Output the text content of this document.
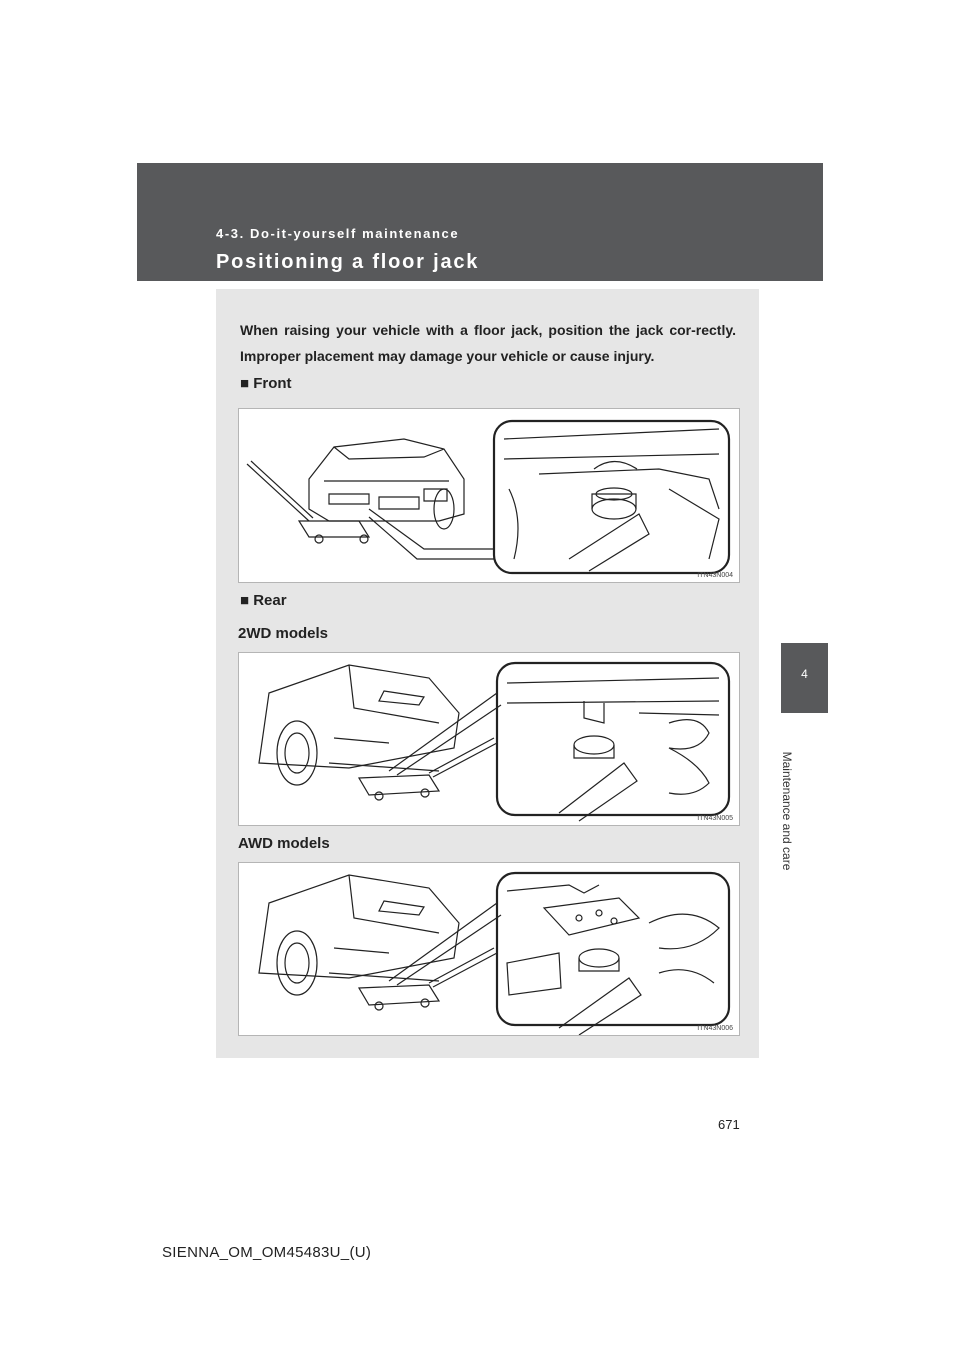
4-3. Do-it-yourself maintenance
Positioning a floor jack
4
Maintenance and care
When raising your vehicle with a floor jack, position the jack cor-rectly. Improper placement may damage your vehicle or cause injury.
■ Front
ITN43N004
■ Rear
2WD models
ITN43N005
AWD models
ITN43N006
671
SIENNA_OM_OM45483U_(U)
